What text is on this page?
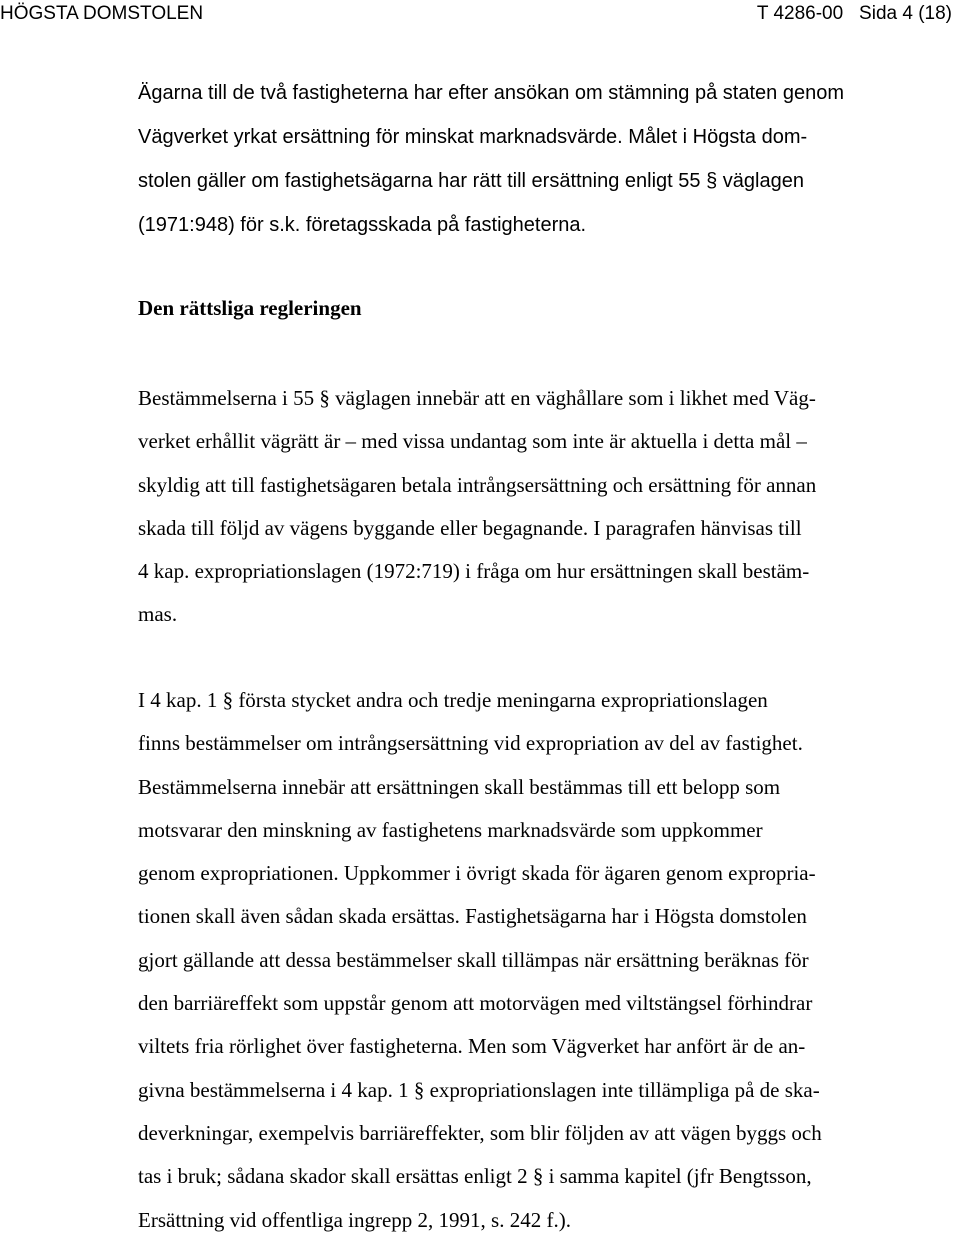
HÖGSTA DOMSTOLEN	T 4286-00 Sida 4 (18)

Ägarna till de två fastigheterna har efter ansökan om stämning på staten genom
Vägverket yrkat ersättning för minskat marknadsvärde. Målet i Högsta dom-
stolen gäller om fastighetsägarna har rätt till ersättning enligt 55 § väglagen
(1971:948) för s.k. företagsskada på fastigheterna.

Den rättsliga regleringen

Bestämmelserna i 55 § väglagen innebär att en väghållare som i likhet med Väg-
verket erhållit vägrätt är – med vissa undantag som inte är aktuella i detta mål –
skyldig att till fastighetsägaren betala intrångsersättning och ersättning för annan
skada till följd av vägens byggande eller begagnande. I paragrafen hänvisas till
4 kap. expropriationslagen (1972:719) i fråga om hur ersättningen skall bestäm-
mas.

I 4 kap. 1 § första stycket andra och tredje meningarna expropriationslagen
finns bestämmelser om intrångsersättning vid expropriation av del av fastighet.
Bestämmelserna innebär att ersättningen skall bestämmas till ett belopp som
motsvarar den minskning av fastighetens marknadsvärde som uppkommer
genom expropriationen. Uppkommer i övrigt skada för ägaren genom expropria-
tionen skall även sådan skada ersättas. Fastighetsägarna har i Högsta domstolen
gjort gällande att dessa bestämmelser skall tillämpas när ersättning beräknas för
den barriäreffekt som uppstår genom att motorvägen med viltstängsel förhindrar
viltets fria rörlighet över fastigheterna. Men som Vägverket har anfört är de an-
givna bestämmelserna i 4 kap. 1 § expropriationslagen inte tillämpliga på de ska-
deverkningar, exempelvis barriäreffekter, som blir följden av att vägen byggs och
tas i bruk; sådana skador skall ersättas enligt 2 § i samma kapitel (jfr Bengtsson,
Ersättning vid offentliga ingrepp 2, 1991, s. 242 f.).
